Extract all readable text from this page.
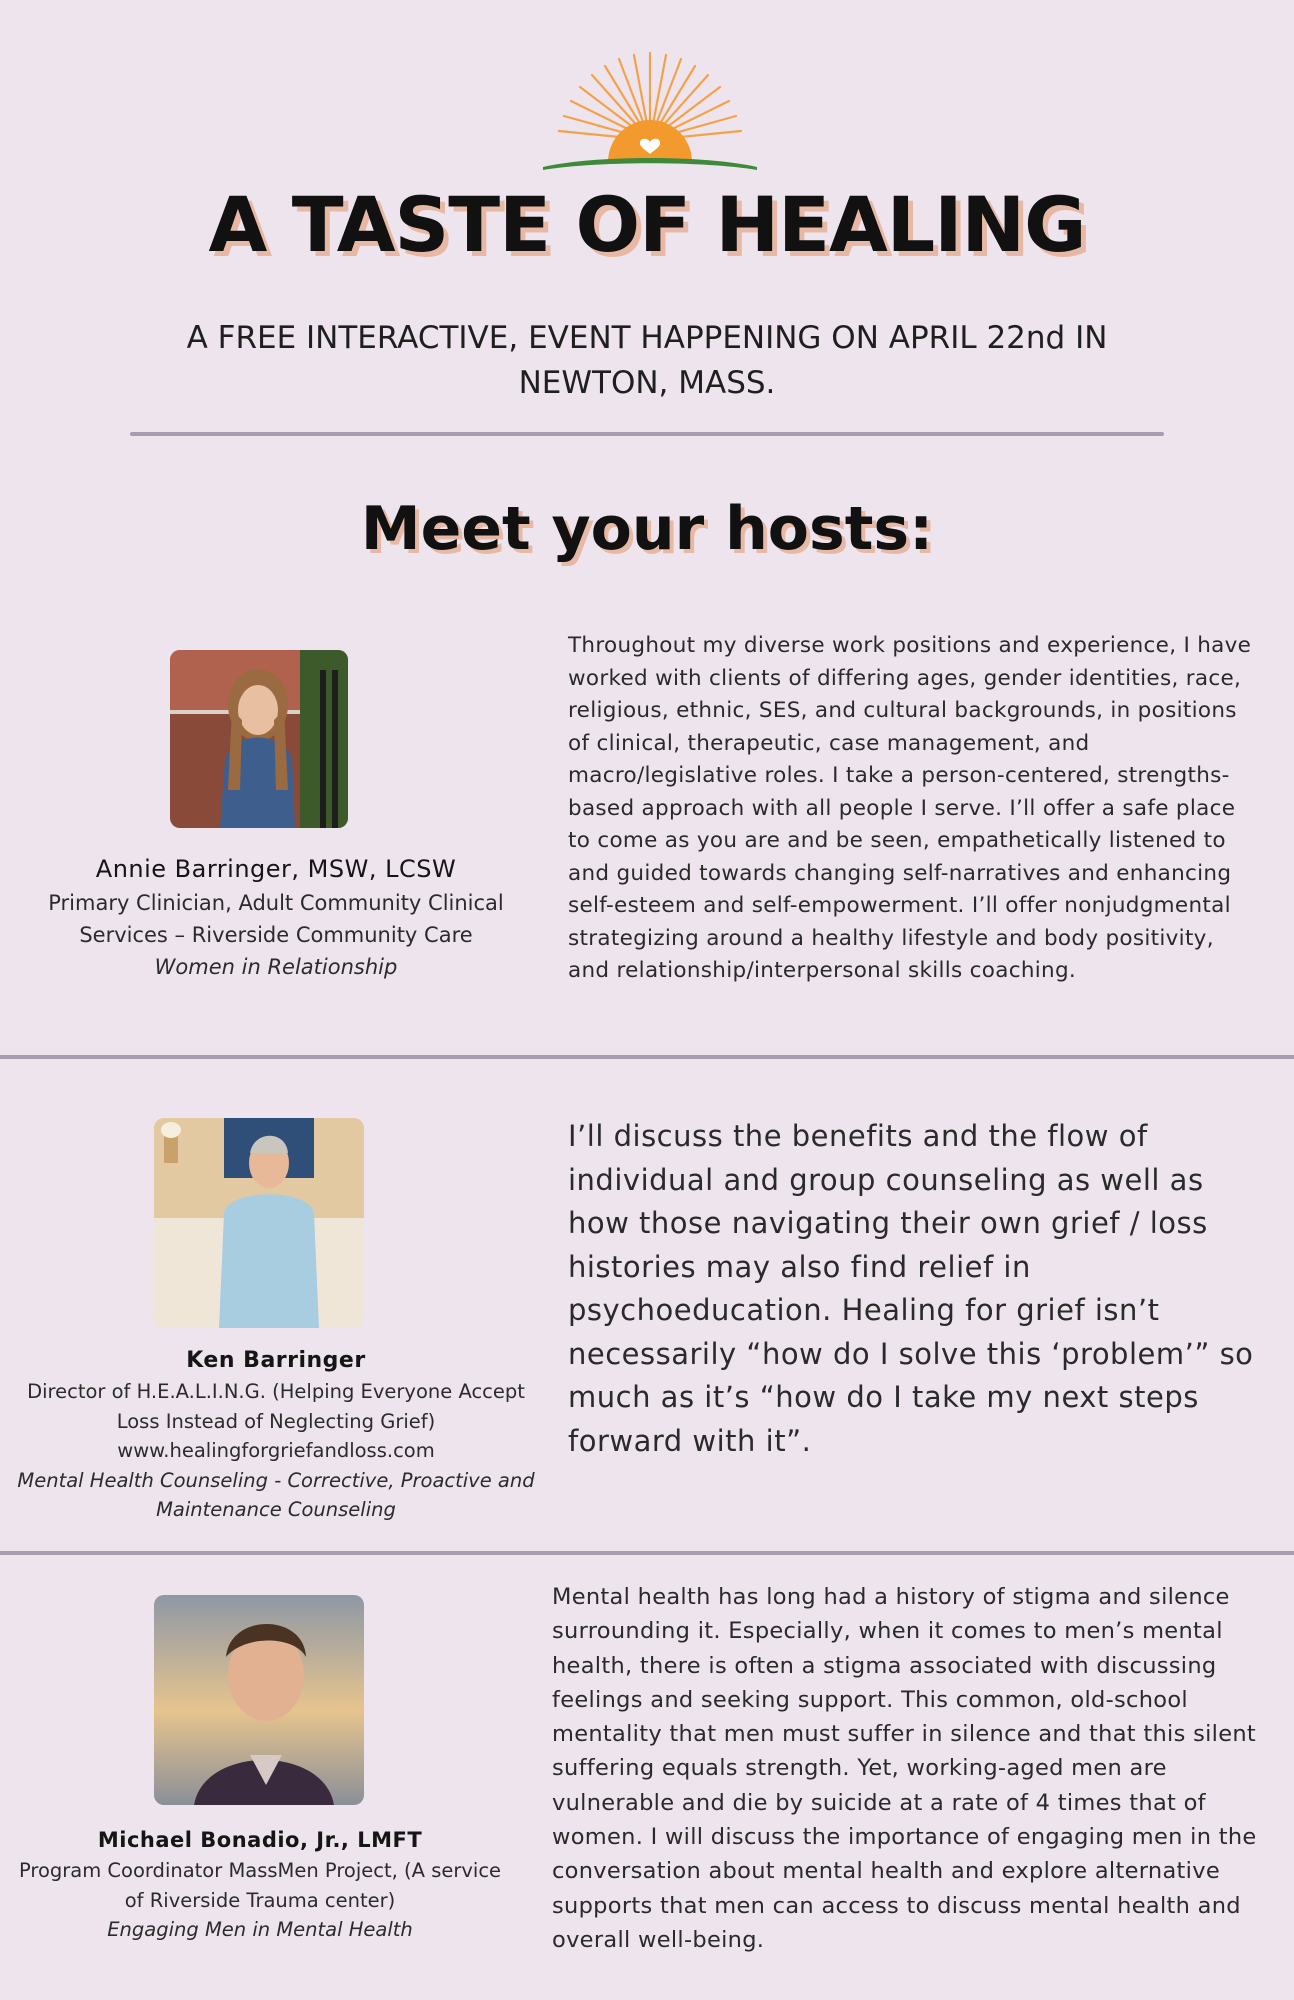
A TASTE OF HEALING

A FREE INTERACTIVE, EVENT HAPPENING ON APRIL 22nd IN NEWTON, MASS.

Meet your hosts:
Annie Barringer, MSW, LCSW
Primary Clinician, Adult Community Clinical Services – Riverside Community Care
Women in Relationship

Throughout my diverse work positions and experience, I have worked with clients of differing ages, gender identities, race, religious, ethnic, SES, and cultural backgrounds, in positions of clinical, therapeutic, case management, and macro/legislative roles. I take a person-centered, strengths-based approach with all people I serve. I’ll offer a safe place to come as you are and be seen, empathetically listened to and guided towards changing self-narratives and enhancing self-esteem and self-empowerment. I’ll offer nonjudgmental strategizing around a healthy lifestyle and body positivity, and relationship/interpersonal skills coaching.

Ken Barringer
Director of H.E.A.L.I.N.G. (Helping Everyone Accept Loss Instead of Neglecting Grief)
www.healingforgriefandloss.com
Mental Health Counseling - Corrective, Proactive and Maintenance Counseling

I’ll discuss the benefits and the flow of individual and group counseling as well as how those navigating their own grief / loss histories may also find relief in psychoeducation. Healing for grief isn’t necessarily “how do I solve this ‘problem’” so much as it’s “how do I take my next steps forward with it”.

Michael Bonadio, Jr., LMFT
Program Coordinator MassMen Project, (A service of Riverside Trauma center)
Engaging Men in Mental Health

Mental health has long had a history of stigma and silence surrounding it. Especially, when it comes to men’s mental health, there is often a stigma associated with discussing feelings and seeking support. This common, old-school mentality that men must suffer in silence and that this silent suffering equals strength. Yet, working-aged men are vulnerable and die by suicide at a rate of 4 times that of women. I will discuss the importance of engaging men in the conversation about mental health and explore alternative supports that men can access to discuss mental health and overall well-being.
